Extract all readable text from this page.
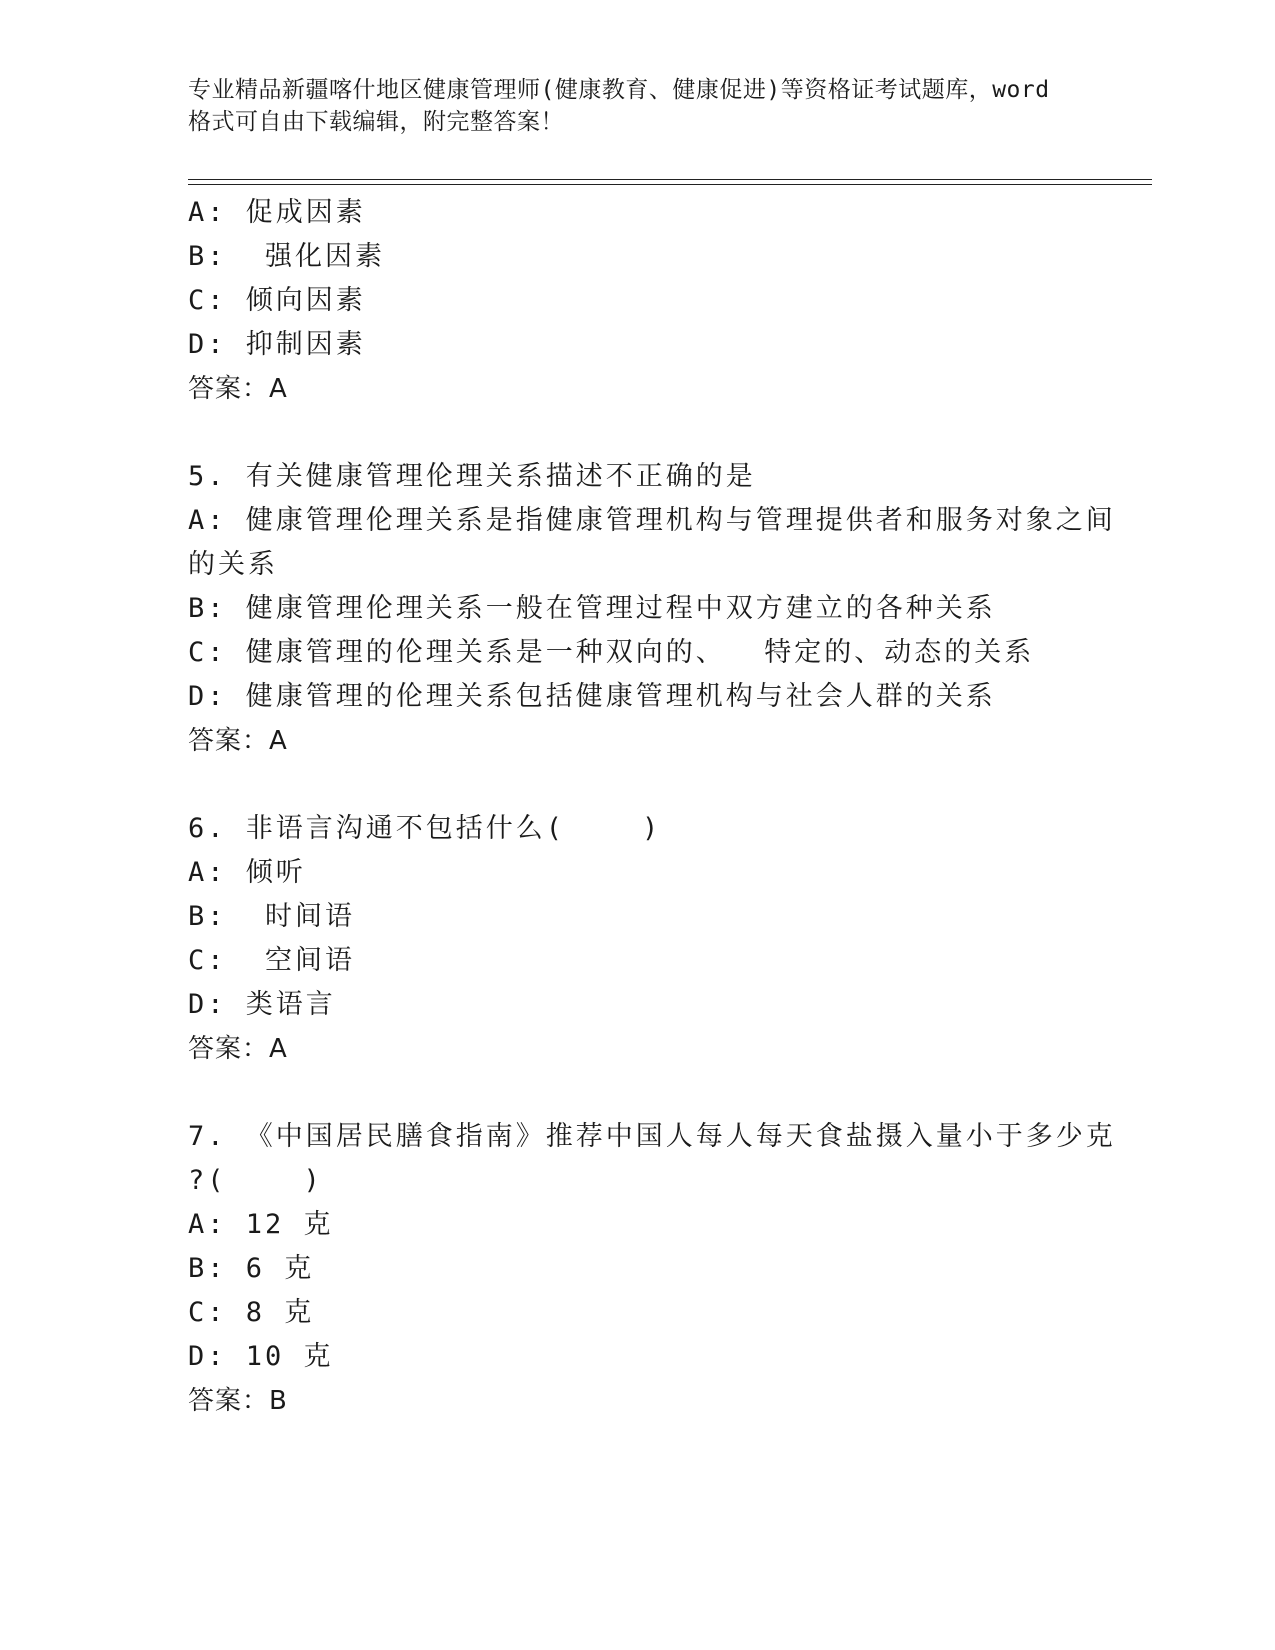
专业精品新疆喀什地区健康管理师(健康教育、健康促进)等资格证考试题库，word
格式可自由下载编辑，附完整答案！
A: 促成因素
B:  强化因素
C: 倾向因素
D: 抑制因素
答案：A
5. 有关健康管理伦理关系描述不正确的是
A: 健康管理伦理关系是指健康管理机构与管理提供者和服务对象之间
的关系
B: 健康管理伦理关系一般在管理过程中双方建立的各种关系
C: 健康管理的伦理关系是一种双向的、  特定的、动态的关系
D: 健康管理的伦理关系包括健康管理机构与社会人群的关系
答案：A
6. 非语言沟通不包括什么(    )
A: 倾听
B:  时间语
C:  空间语
D: 类语言
答案：A
7. 《中国居民膳食指南》推荐中国人每人每天食盐摄入量小于多少克
?(    )
A: 12 克
B: 6 克
C: 8 克
D: 10 克
答案：B
